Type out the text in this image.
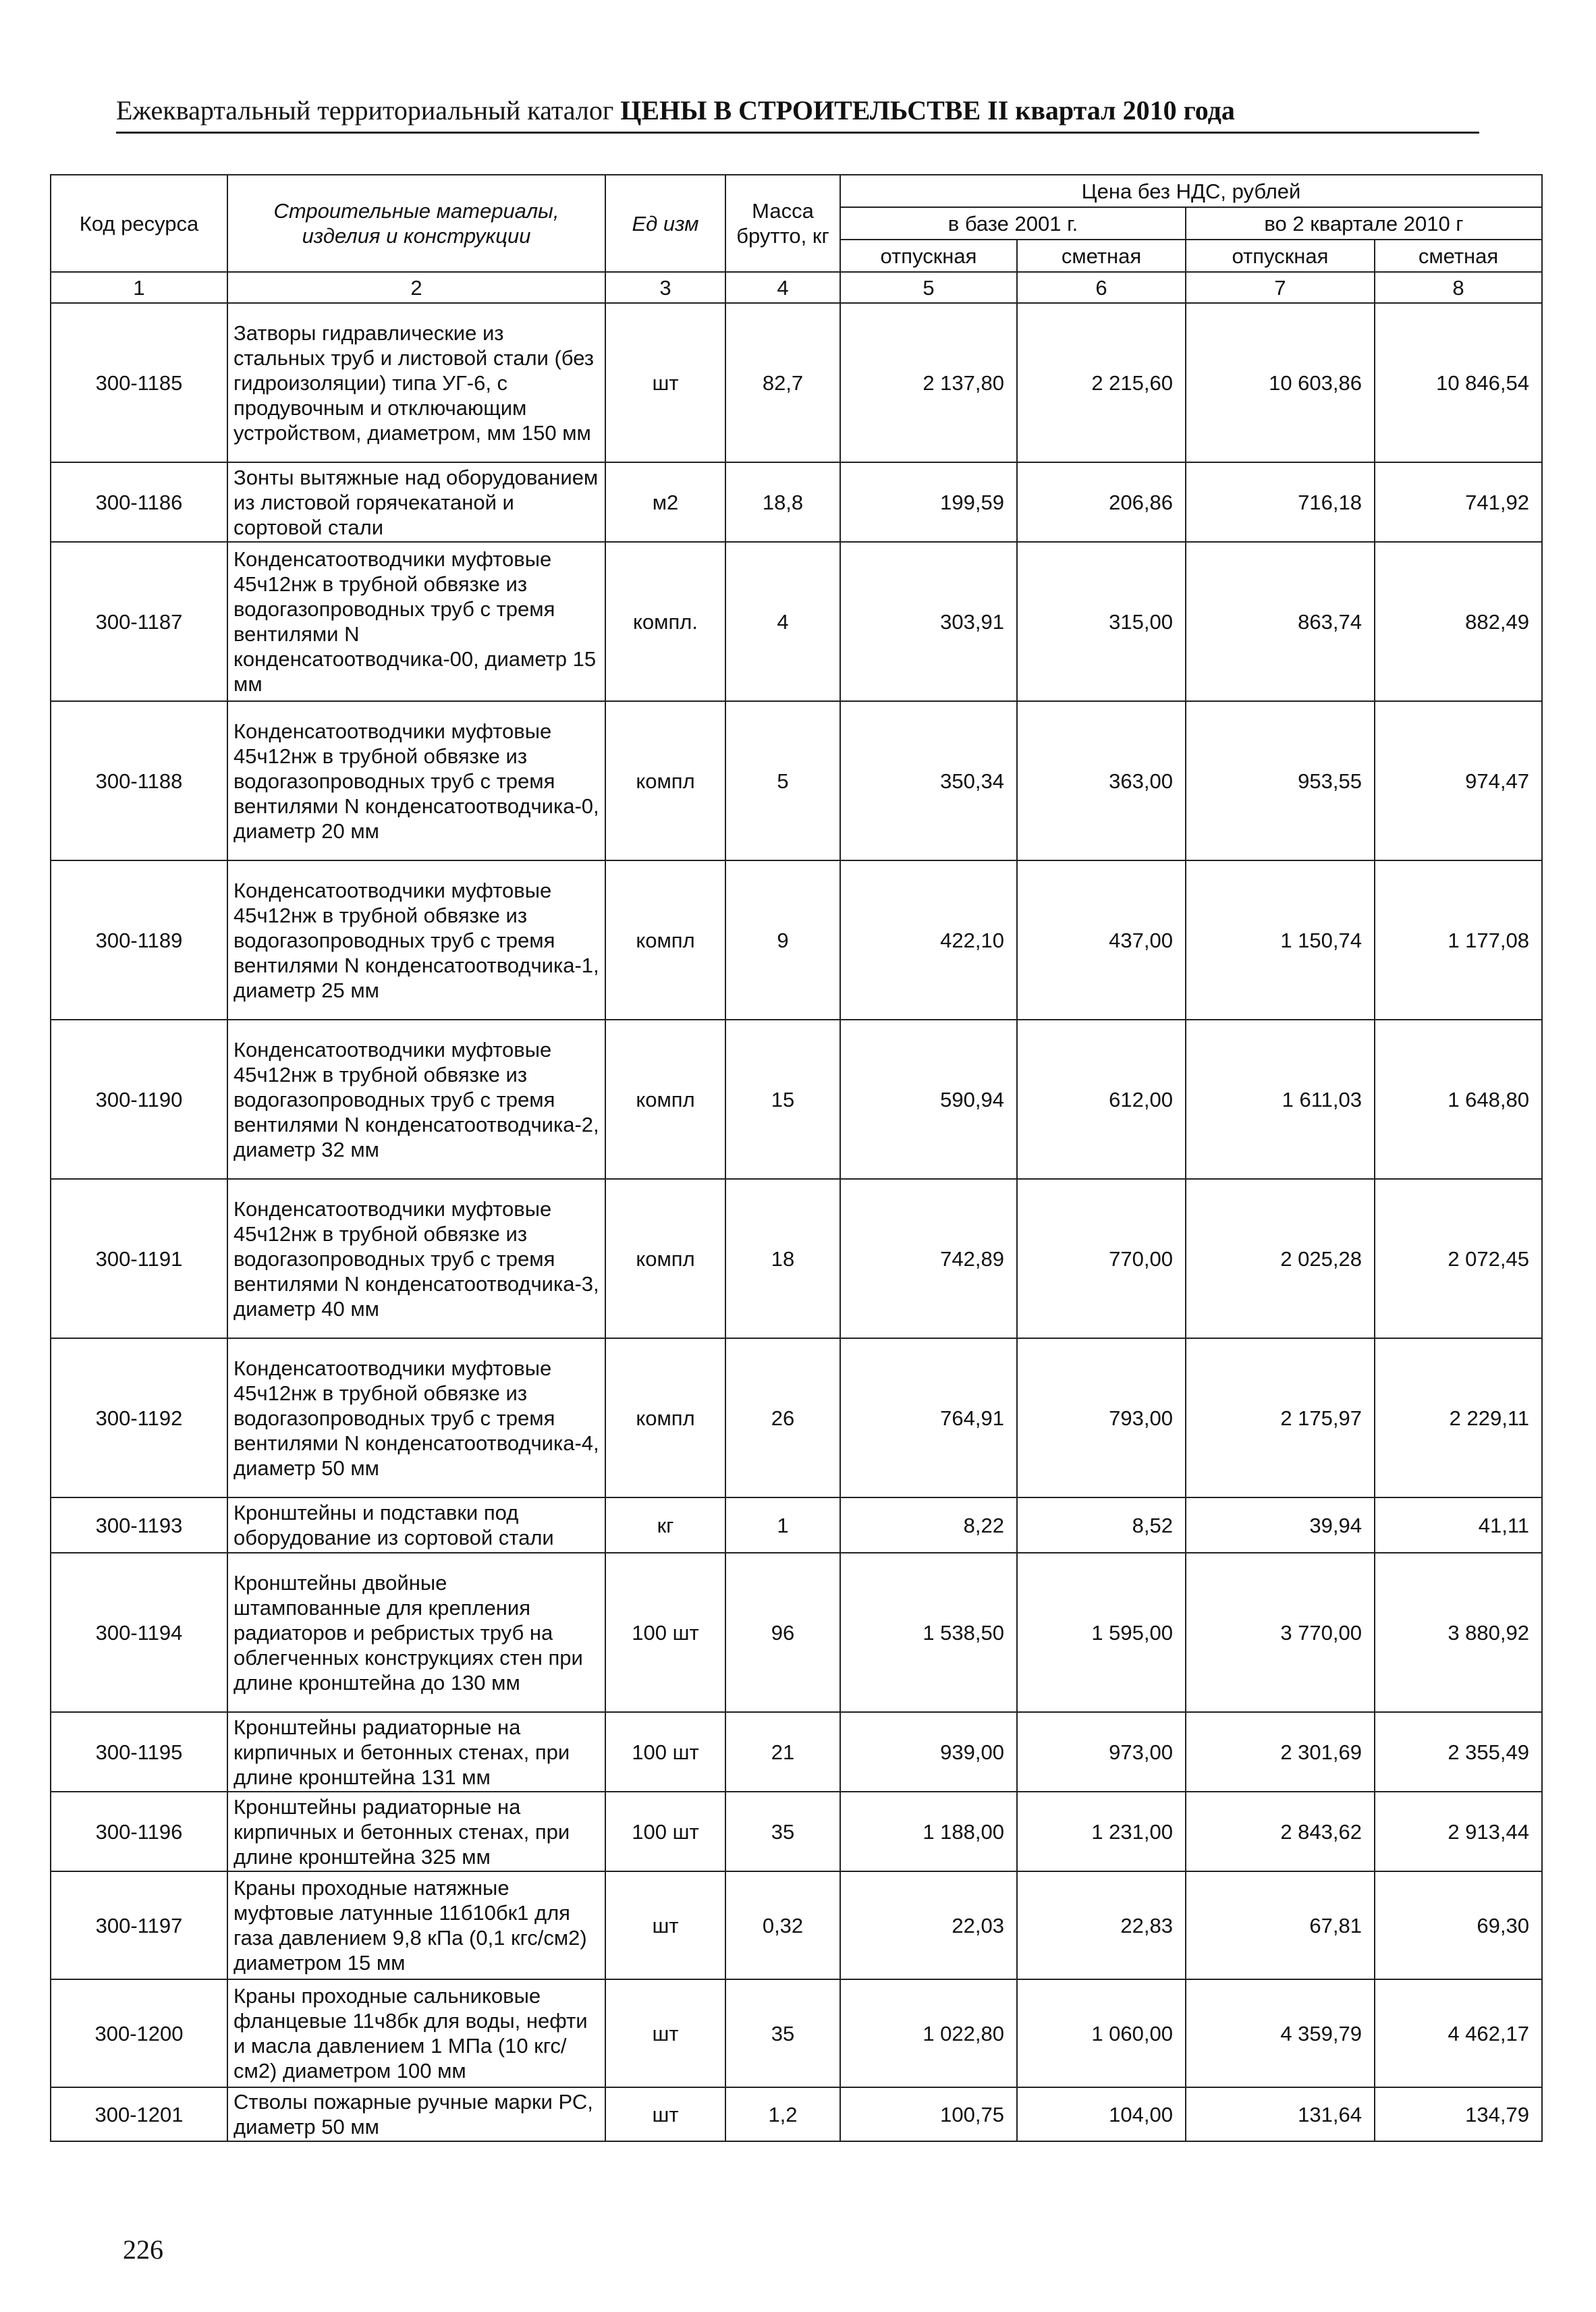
Ежеквартальный территориальный каталог ЦЕНЫ В СТРОИТЕЛЬСТВЕ II квартал 2010 года
Код ресурса	Строительные материалы, изделия и конструкции	Ед изм	Масса брутто, кг	Цена без НДС, рублей			
				в базе 2001 г.		во 2 квартале 2010 г	
				отпускная	сметная	отпускная	сметная
1	2	3	4	5	6	7	8
300-1185	Затворы гидравлические из стальных труб и листовой стали (без гидроизоляции) типа УГ-6, с продувочным и отключающим устройством, диаметром, мм 150 мм	шт	82,7	2 137,80	2 215,60	10 603,86	10 846,54
300-1186	Зонты вытяжные над оборудованием из листовой горячекатаной и сортовой стали	м2	18,8	199,59	206,86	716,18	741,92
300-1187	Конденсатоотводчики муфтовые 45ч12нж в трубной обвязке из водогазопроводных труб с тремя вентилями N конденсатоотводчика-00, диаметр 15 мм	компл.	4	303,91	315,00	863,74	882,49
300-1188	Конденсатоотводчики муфтовые 45ч12нж в трубной обвязке из водогазопроводных труб с тремя вентилями N конденсатоотводчика-0, диаметр 20 мм	компл	5	350,34	363,00	953,55	974,47
300-1189	Конденсатоотводчики муфтовые 45ч12нж в трубной обвязке из водогазопроводных труб с тремя вентилями N конденсатоотводчика-1, диаметр 25 мм	компл	9	422,10	437,00	1 150,74	1 177,08
300-1190	Конденсатоотводчики муфтовые 45ч12нж в трубной обвязке из водогазопроводных труб с тремя вентилями N конденсатоотводчика-2, диаметр 32 мм	компл	15	590,94	612,00	1 611,03	1 648,80
300-1191	Конденсатоотводчики муфтовые 45ч12нж в трубной обвязке из водогазопроводных труб с тремя вентилями N конденсатоотводчика-3, диаметр 40 мм	компл	18	742,89	770,00	2 025,28	2 072,45
300-1192	Конденсатоотводчики муфтовые 45ч12нж в трубной обвязке из водогазопроводных труб с тремя вентилями N конденсатоотводчика-4, диаметр 50 мм	компл	26	764,91	793,00	2 175,97	2 229,11
300-1193	Кронштейны и подставки под оборудование из сортовой стали	кг	1	8,22	8,52	39,94	41,11
300-1194	Кронштейны двойные штампованные для крепления радиаторов и ребристых труб на облегченных конструкциях стен при длине кронштейна до 130 мм	100 шт	96	1 538,50	1 595,00	3 770,00	3 880,92
300-1195	Кронштейны радиаторные на кирпичных и бетонных стенах, при длине кронштейна 131 мм	100 шт	21	939,00	973,00	2 301,69	2 355,49
300-1196	Кронштейны радиаторные на кирпичных и бетонных стенах, при длине кронштейна 325 мм	100 шт	35	1 188,00	1 231,00	2 843,62	2 913,44
300-1197	Краны проходные натяжные муфтовые латунные 11б10бк1 для газа давлением 9,8 кПа (0,1 кгс/см2) диаметром 15 мм	шт	0,32	22,03	22,83	67,81	69,30
300-1200	Краны проходные сальниковые фланцевые 11ч8бк для воды, нефти и масла давлением 1 МПа (10 кгс/см2) диаметром 100 мм	шт	35	1 022,80	1 060,00	4 359,79	4 462,17
300-1201	Стволы пожарные ручные марки РС, диаметр 50 мм	шт	1,2	100,75	104,00	131,64	134,79
226
